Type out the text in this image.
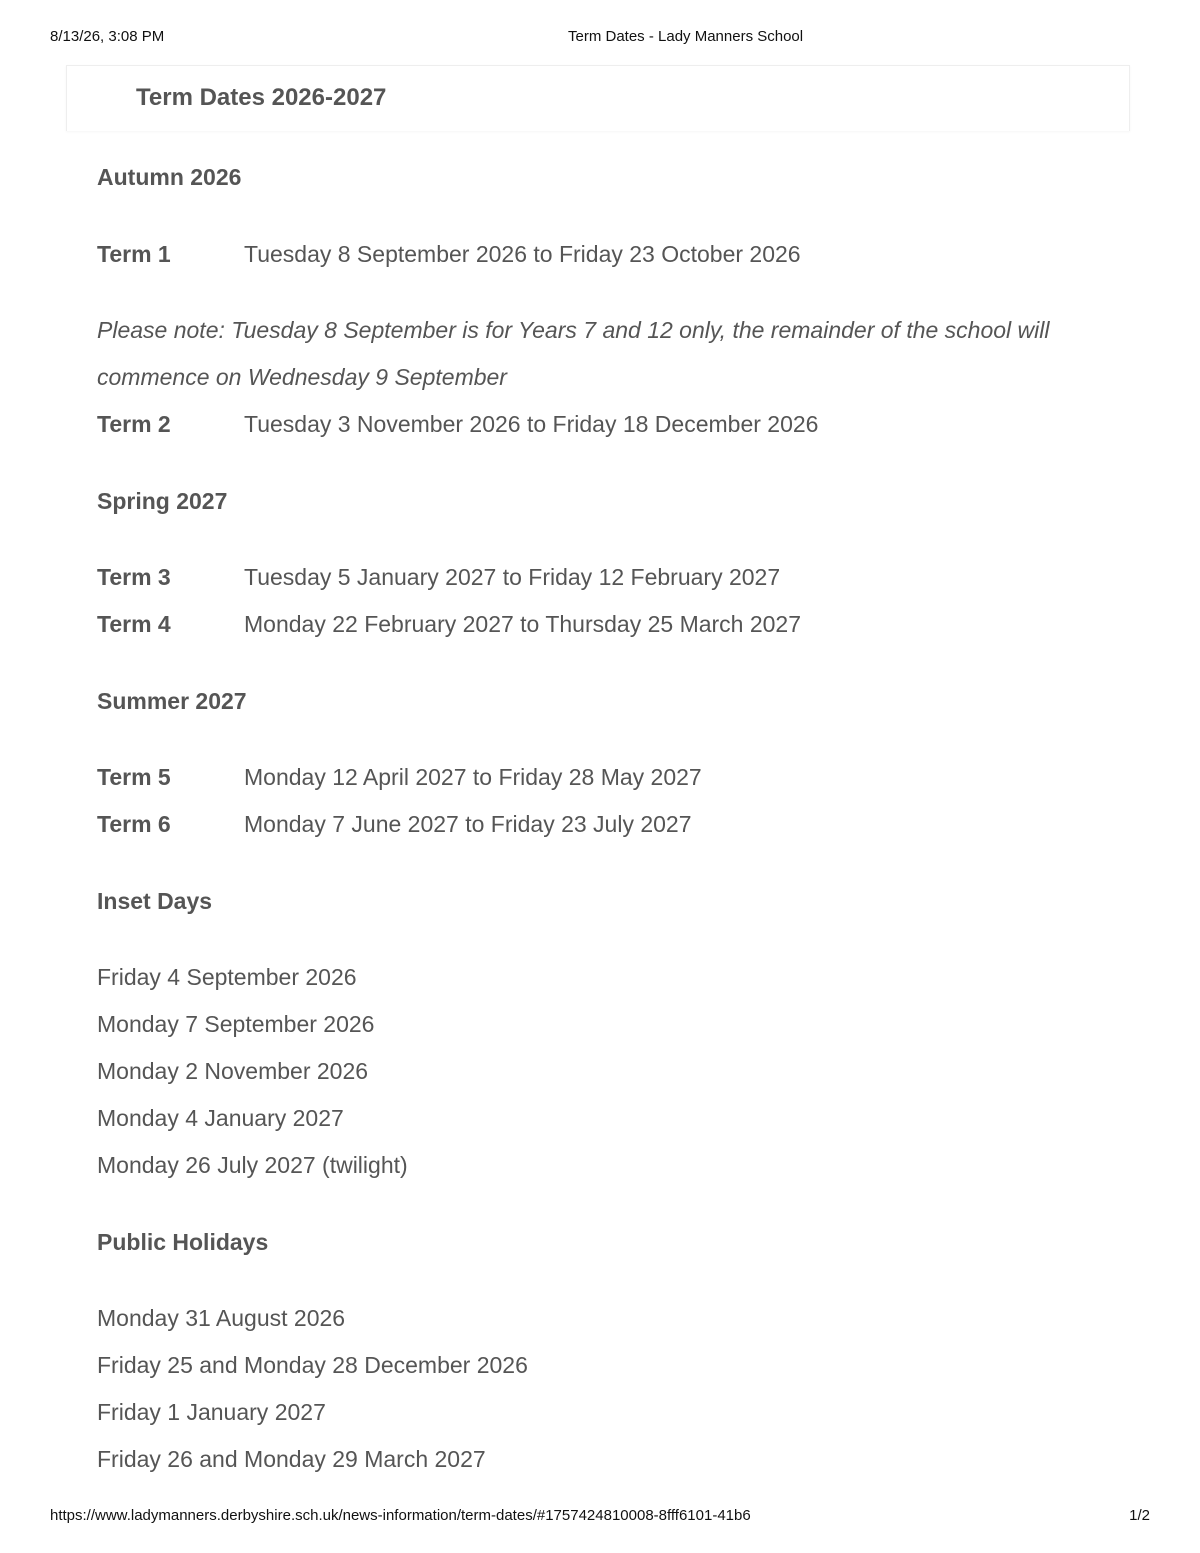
8/13/26, 3:08 PM	Term Dates - Lady Manners School
Term Dates 2026-2027
Autumn 2026
Term 1	Tuesday 8 September 2026 to Friday 23 October 2026
Please note: Tuesday 8 September is for Years 7 and 12 only, the remainder of the school will
commence on Wednesday 9 September
Term 2	Tuesday 3 November 2026 to Friday 18 December 2026
Spring 2027
Term 3	Tuesday 5 January 2027 to Friday 12 February 2027
Term 4	Monday 22 February 2027 to Thursday 25 March 2027
Summer 2027
Term 5	Monday 12 April 2027 to Friday 28 May 2027
Term 6	Monday 7 June 2027 to Friday 23 July 2027
Inset Days
Friday 4 September 2026
Monday 7 September 2026
Monday 2 November 2026
Monday 4 January 2027
Monday 26 July 2027 (twilight)
Public Holidays
Monday 31 August 2026
Friday 25 and Monday 28 December 2026
Friday 1 January 2027
Friday 26 and Monday 29 March 2027
https://www.ladymanners.derbyshire.sch.uk/news-information/term-dates/#1757424810008-8fff6101-41b6	1/2
